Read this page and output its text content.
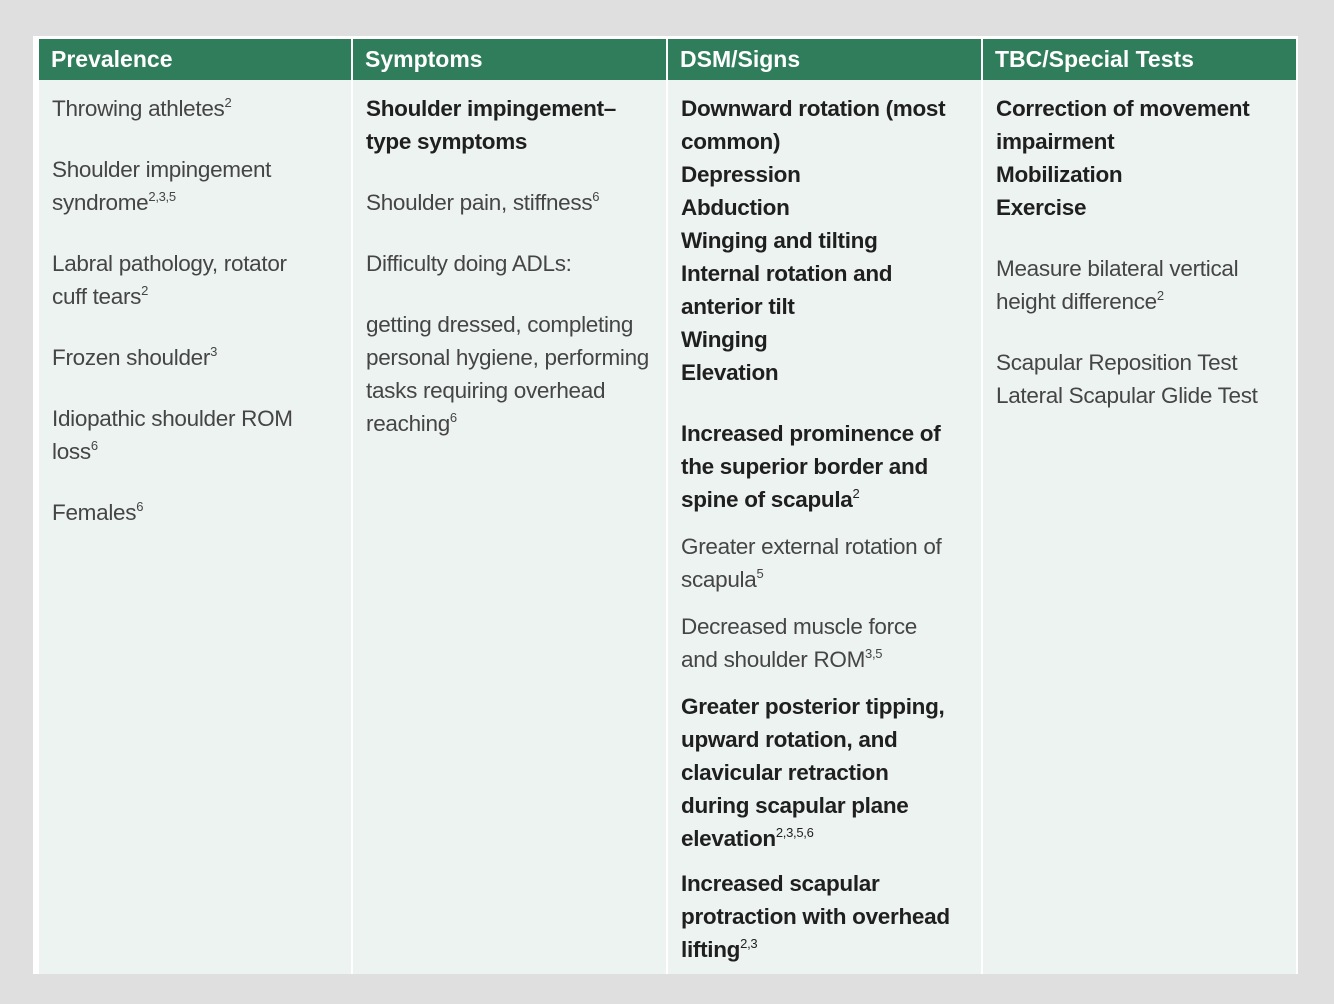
Prevalence
Throwing athletes$^2$
Shoulder impingement syndrome$^{2,3,5}$
Labral pathology, rotator cuff tears$^2$
Frozen shoulder$^3$
Idiopathic shoulder ROM loss$^6$
Females$^6$
Symptoms
Shoulder impingement–type symptoms
Shoulder pain, stiffness$^6$
Difficulty doing ADLs:
getting dressed, completing personal hygiene, performing tasks requiring overhead reaching$^6$
DSM/Signs
Downward rotation (most common)
Depression
Abduction
Winging and tilting
Internal rotation and anterior tilt
Winging
Elevation
Increased prominence of the superior border and spine of scapula$^2$
Greater external rotation of scapula$^5$
Decreased muscle force and shoulder ROM$^{3,5}$
Greater posterior tipping, upward rotation, and clavicular retraction during scapular plane elevation$^{2,3,5,6}$
Increased scapular protraction with overhead lifting$^{2,3}$
TBC/Special Tests
Correction of movement impairment
Mobilization
Exercise
Measure bilateral vertical height difference$^2$
Scapular Reposition Test
Lateral Scapular Glide Test
